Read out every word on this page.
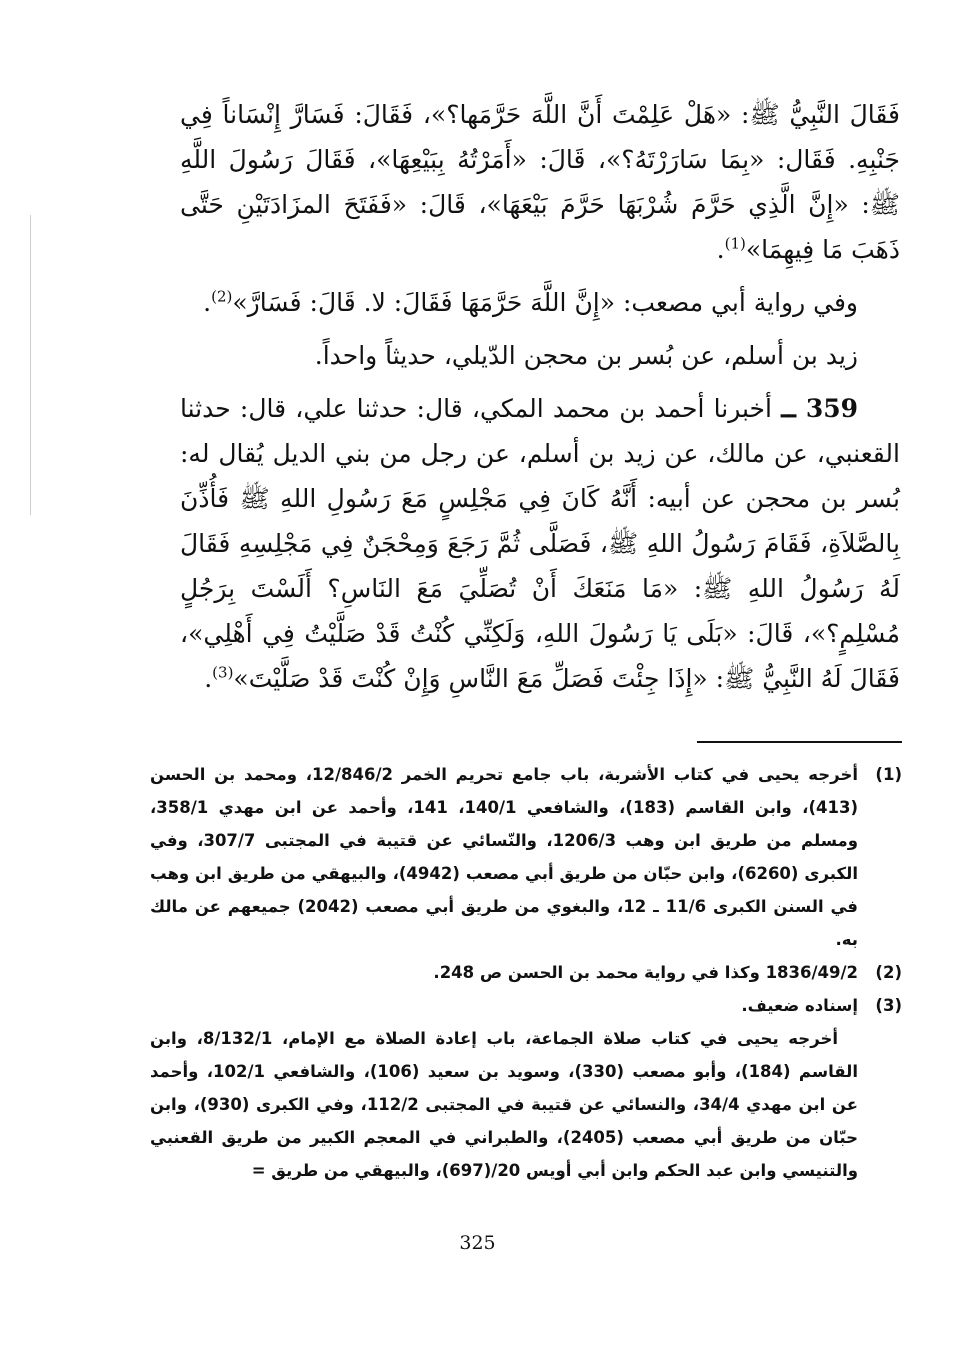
فَقَالَ النَّبِيُّ ﷺ: «هَلْ عَلِمْتَ أَنَّ اللَّهَ حَرَّمَها؟»، فَقَالَ: فَسَارَّ إِنْسَاناً فِي جَنْبِهِ. فَقَال: «بِمَا سَارَرْتَهُ؟»، قَالَ: «أَمَرْتُهُ بِبَيْعِهَا»، فَقَالَ رَسُولَ اللَّهِ ﷺ: «إِنَّ الَّذِي حَرَّمَ شُرْبَهَا حَرَّمَ بَيْعَهَا»، قَالَ: «فَفَتَحَ المزَادَتَيْنِ حَتَّى ذَهَبَ مَا فِيهِمَا»$^{(1)}$.

وفي رواية أبي مصعب: «إِنَّ اللَّهَ حَرَّمَهَا فَقَالَ: لا. قَالَ: فَسَارَّ»$^{(2)}$.

زيد بن أسلم، عن بُسر بن محجن الدّيلي، حديثاً واحداً.

359 ــ أخبرنا أحمد بن محمد المكي، قال: حدثنا علي، قال: حدثنا القعنبي، عن مالك، عن زيد بن أسلم، عن رجل من بني الديل يُقال له: بُسر بن محجن عن أبيه: أَنَّهُ كَانَ فِي مَجْلِسٍ مَعَ رَسُولِ اللهِ ﷺ فَأُذِّنَ بِالصَّلاَةِ، فَقَامَ رَسُولُ اللهِ ﷺ، فَصَلَّى ثُمَّ رَجَعَ وَمِحْجَنٌ فِي مَجْلِسِهِ فَقَالَ لَهُ رَسُولُ اللهِ ﷺ: «مَا مَنَعَكَ أَنْ تُصَلِّيَ مَعَ النَاسِ؟ أَلَسْتَ بِرَجُلٍ مُسْلِمٍ؟»، قَالَ: «بَلَى يَا رَسُولَ اللهِ، وَلَكِنِّي كُنْتُ قَدْ صَلَّيْتُ فِي أَهْلِي»، فَقَالَ لَهُ النَّبِيُّ ﷺ: «إِذَا جِئْتَ فَصَلِّ مَعَ النَّاسِ وَإِنْ كُنْتَ قَدْ صَلَّيْتَ»$^{(3)}$.

(1)
أخرجه يحيى في كتاب الأشربة، باب جامع تحريم الخمر 12/846/2، ومحمد بن الحسن (413)، وابن القاسم (183)، والشافعي 140/1، 141، وأحمد عن ابن مهدي 358/1، ومسلم من طريق ابن وهب 1206/3، والنّسائي عن قتيبة في المجتبى 307/7، وفي الكبرى (6260)، وابن حبّان من طريق أبي مصعب (4942)، والبيهقي من طريق ابن وهب في السنن الكبرى 11/6 ـ 12، والبغوي من طريق أبي مصعب (2042) جميعهم عن مالك به.
(2)
1836/49/2 وكذا في رواية محمد بن الحسن ص 248.
(3)
إسناده ضعيف.
أخرجه يحيى في كتاب صلاة الجماعة، باب إعادة الصلاة مع الإمام، 8/132/1، وابن القاسم (184)، وأبو مصعب (330)، وسويد بن سعيد (106)، والشافعي 102/1، وأحمد عن ابن مهدي 34/4، والنسائي عن قتيبة في المجتبى 112/2، وفي الكبرى (930)، وابن حبّان من طريق أبي مصعب (2405)، والطبراني في المعجم الكبير من طريق القعنبي والتنيسي وابن عبد الحكم وابن أبي أويس 20/(697)، والبيهقي من طريق =
325
